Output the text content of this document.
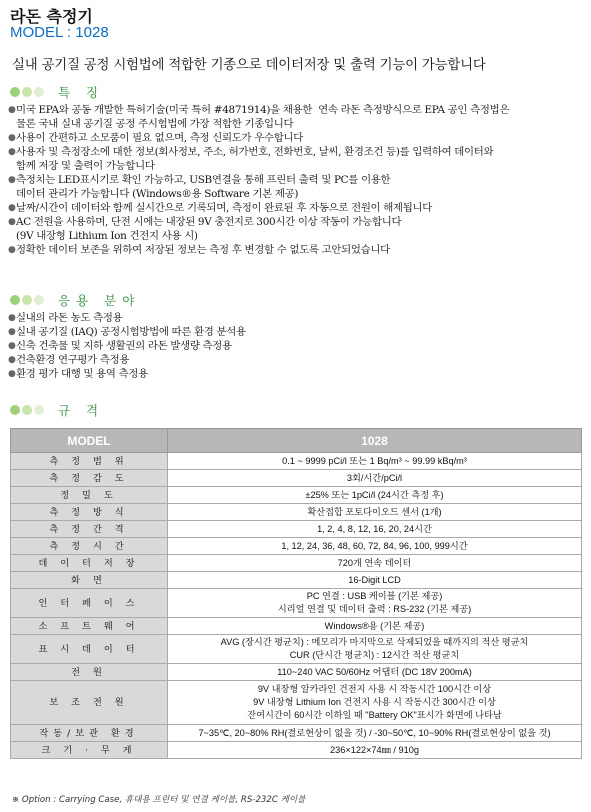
라돈 측정기
MODEL : 1028
실내 공기질 공정 시험법에 적합한 기종으로 데이터저장 및 출력 기능이 가능합니다
특 징
● 미국 EPA와 공동 개발한 특허기술(미국 특허 #4871914)을 채용한  연속 라돈 측정방식으로 EPA 공인 측정법은
물론 국내 실내 공기질 공정 주시험법에 가장 적합한 기종입니다
● 사용이 간편하고 소모품이 필요 없으며, 측정 신뢰도가 우수합니다
● 사용자 및 측정장소에 대한 정보(회사정보, 주소, 허가번호, 전화번호, 날씨, 환경조건 등)를 입력하여 데이터와
함께 저장 및 출력이 가능합니다
● 측정치는 LED표시기로 확인 가능하고, USB연결을 통해 프린터 출력 및 PC를 이용한
데이터 관리가 가능합니다 (Windows®용 Software 기본 제공)
● 날짜/시간이 데이터와 함께 실시간으로 기록되며, 측정이 완료된 후 자동으로 전원이 해제됩니다
● AC 전원을 사용하며, 단전 시에는 내장된 9V 충전지로 300시간 이상 작동이 가능합니다
(9V 내장형 Lithium Ion 건전지 사용 시)
● 정확한 데이터 보존을 위하여 저장된 정보는 측정 후 변경할 수 없도록 고안되었습니다
응용 분야
● 실내의 라돈 농도 측정용
● 실내 공기질 (IAQ) 공정시험방법에 따른 환경 분석용
● 신축 건축물 및 지하 생활권의 라돈 발생량 측정용
● 건축환경 연구평가 측정용
● 환경 평가 대행 및 용역 측정용
규 격
MODEL	1028
측 정 범 위	0.1 ~ 9999 pCi/l 또는 1 Bq/m³ ~ 99.99 kBq/m³
측 정 감 도	3회/시간/pCi/l
정 밀 도	±25% 또는 1pCi/l (24시간 측정 후)
측 정 방 식	확산접합 포토다이오드 센서 (1개)
측 정 간 격	1, 2, 4, 8, 12, 16, 20, 24시간
측 정 시 간	1, 12, 24, 36, 48, 60, 72, 84, 96, 100, 999시간
데 이 터 저 장	720개 연속 데이터
화 면	16-Digit LCD
인 터 페 이 스	PC 연결 : USB 케이블 (기본 제공)
시리얼 연결 및 데이터 출력 : RS-232 (기본 제공)
소 프 트 웨 어	Windows®용 (기본 제공)
표 시 데 이 터	AVG (장시간 평균치) : 메모리가 마지막으로 삭제되었을 때까지의 적산 평균치
CUR (단시간 평균치) : 12시간 적산 평균치
전 원	110~240 VAC 50/60Hz 어댑터 (DC 18V 200mA)
보 조 전 원	9V 내장형 알카라인 건전지 사용 시 작동시간 100시간 이상
9V 내장형 Lithium Ion 건전지 사용 시 작동시간 300시간 이상
잔여시간이 60시간 이하일 때 "Battery OK"표시가 화면에 나타남
작동/보관 환경	7~35℃, 20~80% RH(결로현상이 없을 것) / -30~50℃, 10~90% RH(결로현상이 없을 것)
크 기 · 무 게	236×122×74㎜ / 910g
※ Option : Carrying Case, 휴대용 프린터 및 연결 케이블, RS-232C 케이블
